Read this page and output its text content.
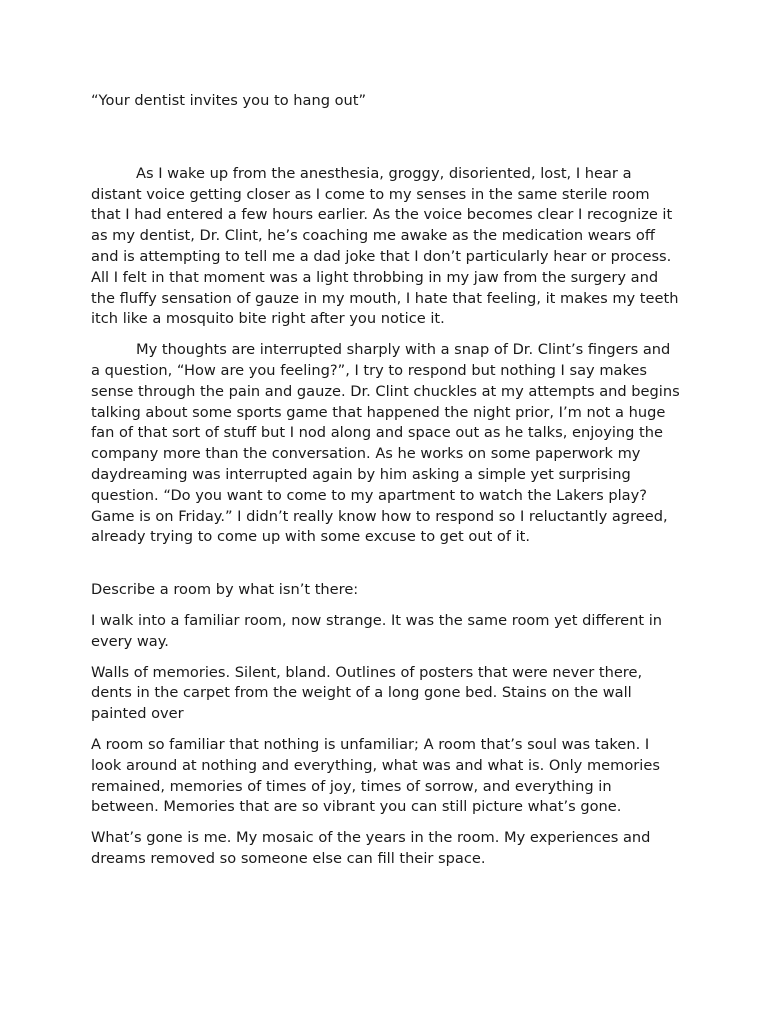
“Your dentist invites you to hang out”

As I wake up from the anesthesia, groggy, disoriented, lost, I hear a distant voice getting closer as I come to my senses in the same sterile room that I had entered a few hours earlier. As the voice becomes clear I recognize it as my dentist, Dr. Clint, he’s coaching me awake as the medication wears off and is attempting to tell me a dad joke that I don’t particularly hear or process. All I felt in that moment was a light throbbing in my jaw from the surgery and the fluffy sensation of gauze in my mouth, I hate that feeling, it makes my teeth itch like a mosquito bite right after you notice it.

My thoughts are interrupted sharply with a snap of Dr. Clint’s fingers and a question, “How are you feeling?”, I try to respond but nothing I say makes sense through the pain and gauze. Dr. Clint chuckles at my attempts and begins talking about some sports game that happened the night prior, I’m not a huge fan of that sort of stuff but I nod along and space out as he talks, enjoying the company more than the conversation. As he works on some paperwork my daydreaming was interrupted again by him asking a simple yet surprising question. “Do you want to come to my apartment to watch the Lakers play? Game is on Friday.” I didn’t really know how to respond so I reluctantly agreed, already trying to come up with some excuse to get out of it.

Describe a room by what isn’t there:

I walk into a familiar room, now strange. It was the same room yet different in every way.

Walls of memories. Silent, bland. Outlines of posters that were never there, dents in the carpet from the weight of a long gone bed. Stains on the wall painted over

A room so familiar that nothing is unfamiliar; A room that’s soul was taken. I look around at nothing and everything, what was and what is. Only memories remained, memories of times of joy, times of sorrow, and everything in between. Memories that are so vibrant you can still picture what’s gone.

What’s gone is me. My mosaic of the years in the room. My experiences and dreams removed so someone else can fill their space.
